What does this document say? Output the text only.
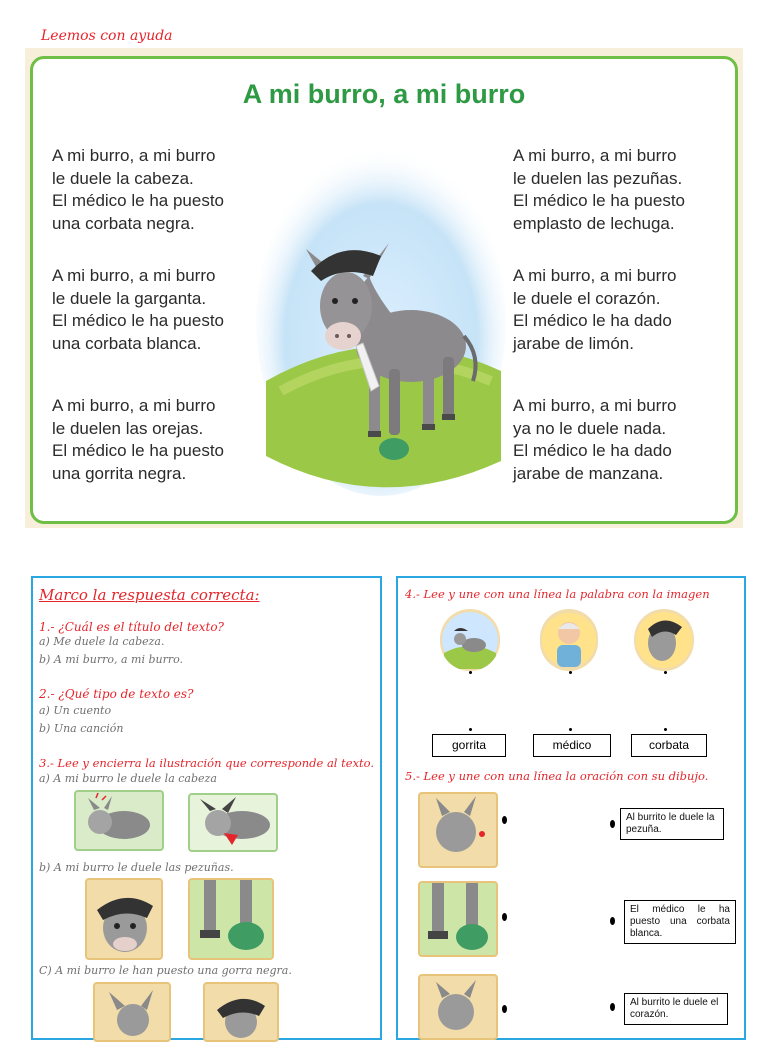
Leemos con ayuda
A mi burro, a mi burro
A mi burro, a mi burro
le duele la cabeza.
El médico le ha puesto
una corbata negra.
A mi burro, a mi burro
le duele la garganta.
El médico le ha puesto
una corbata blanca.
A mi burro, a mi burro
le duelen las orejas.
El médico le ha puesto
una gorrita negra.
A mi burro, a mi burro
le duelen las pezuñas.
El médico le ha puesto
emplasto de lechuga.
A mi burro, a mi burro
le duele el corazón.
El médico le ha dado
jarabe de limón.
A mi burro, a mi burro
ya no le duele nada.
El médico le ha dado
jarabe de manzana.
Marco la respuesta correcta:
1.- ¿Cuál es el título del texto?
a) Me duele la cabeza.
b) A mi burro, a mi burro.
2.- ¿Qué tipo de texto es?
a) Un cuento
b) Una canción
3.- Lee y encierra la ilustración que corresponde al texto.
a) A mi burro le duele la cabeza
b) A mi burro le duele las pezuñas.
C) A mi burro le han puesto una gorra negra.
4.- Lee y une con una línea la palabra con la imagen
gorrita	médico	corbata
5.- Lee y une con una línea la oración con su dibujo.
Al burrito le duele la pezuña.
El médico le ha puesto una corbata blanca.
Al burrito le duele el corazón.
